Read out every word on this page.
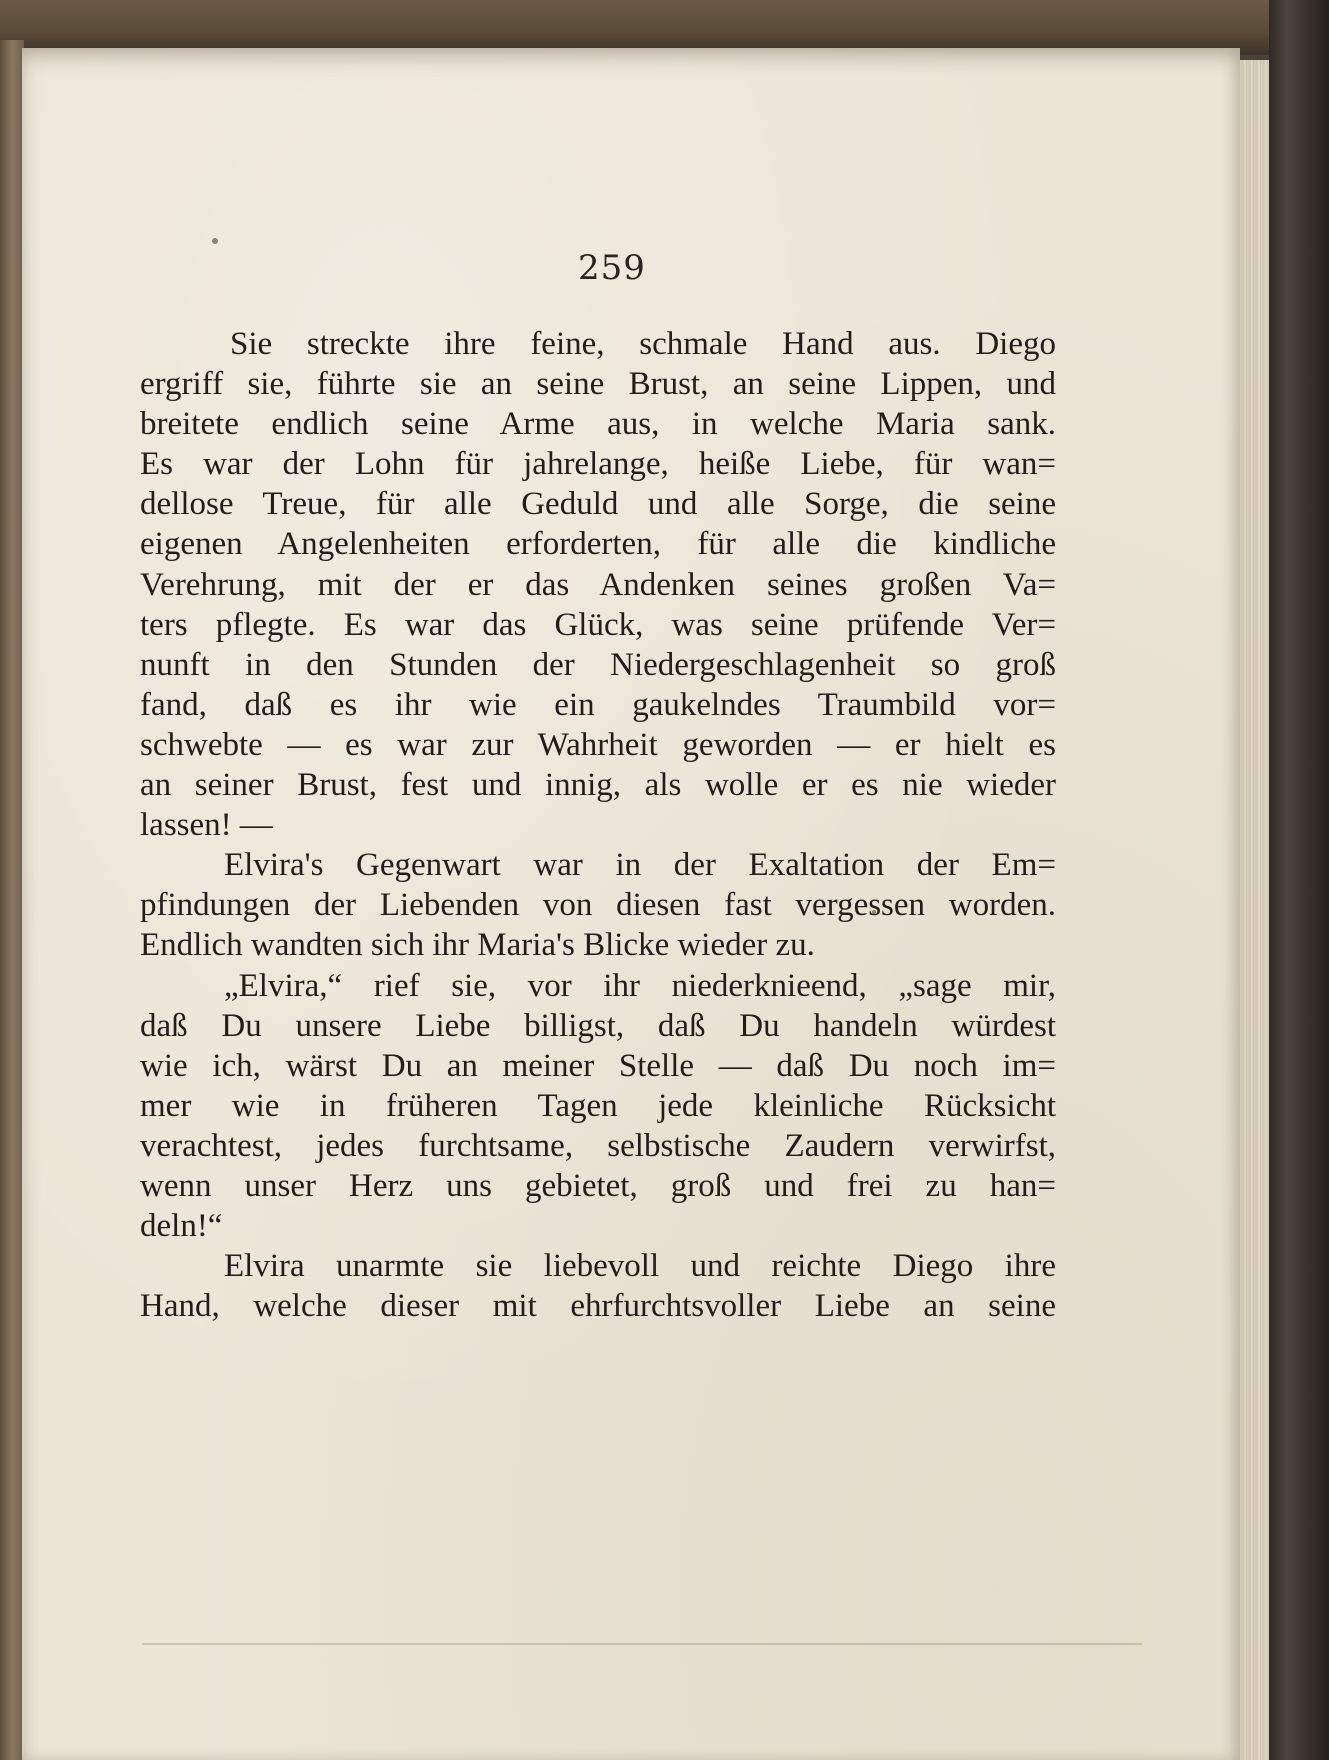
259
Sie streckte ihre feine, schmale Hand aus. Diego
ergriff sie, führte sie an seine Brust, an seine Lippen, und
breitete endlich seine Arme aus, in welche Maria sank.
Es war der Lohn für jahrelange, heiße Liebe, für wan=
dellose Treue, für alle Geduld und alle Sorge, die seine
eigenen Angelenheiten erforderten, für alle die kindliche
Verehrung, mit der er das Andenken seines großen Va=
ters pflegte. Es war das Glück, was seine prüfende Ver=
nunft in den Stunden der Niedergeschlagenheit so groß
fand, daß es ihr wie ein gaukelndes Traumbild vor=
schwebte — es war zur Wahrheit geworden — er hielt es
an seiner Brust, fest und innig, als wolle er es nie wieder
lassen! —
Elvira's Gegenwart war in der Exaltation der Em=
pfindungen der Liebenden von diesen fast vergessen worden.
Endlich wandten sich ihr Maria's Blicke wieder zu.
„Elvira,“ rief sie, vor ihr niederknieend, „sage mir,
daß Du unsere Liebe billigst, daß Du handeln würdest
wie ich, wärst Du an meiner Stelle — daß Du noch im=
mer wie in früheren Tagen jede kleinliche Rücksicht
verachtest, jedes furchtsame, selbstische Zaudern verwirfst,
wenn unser Herz uns gebietet, groß und frei zu han=
deln!“
Elvira unarmte sie liebevoll und reichte Diego ihre
Hand, welche dieser mit ehrfurchtsvoller Liebe an seine
